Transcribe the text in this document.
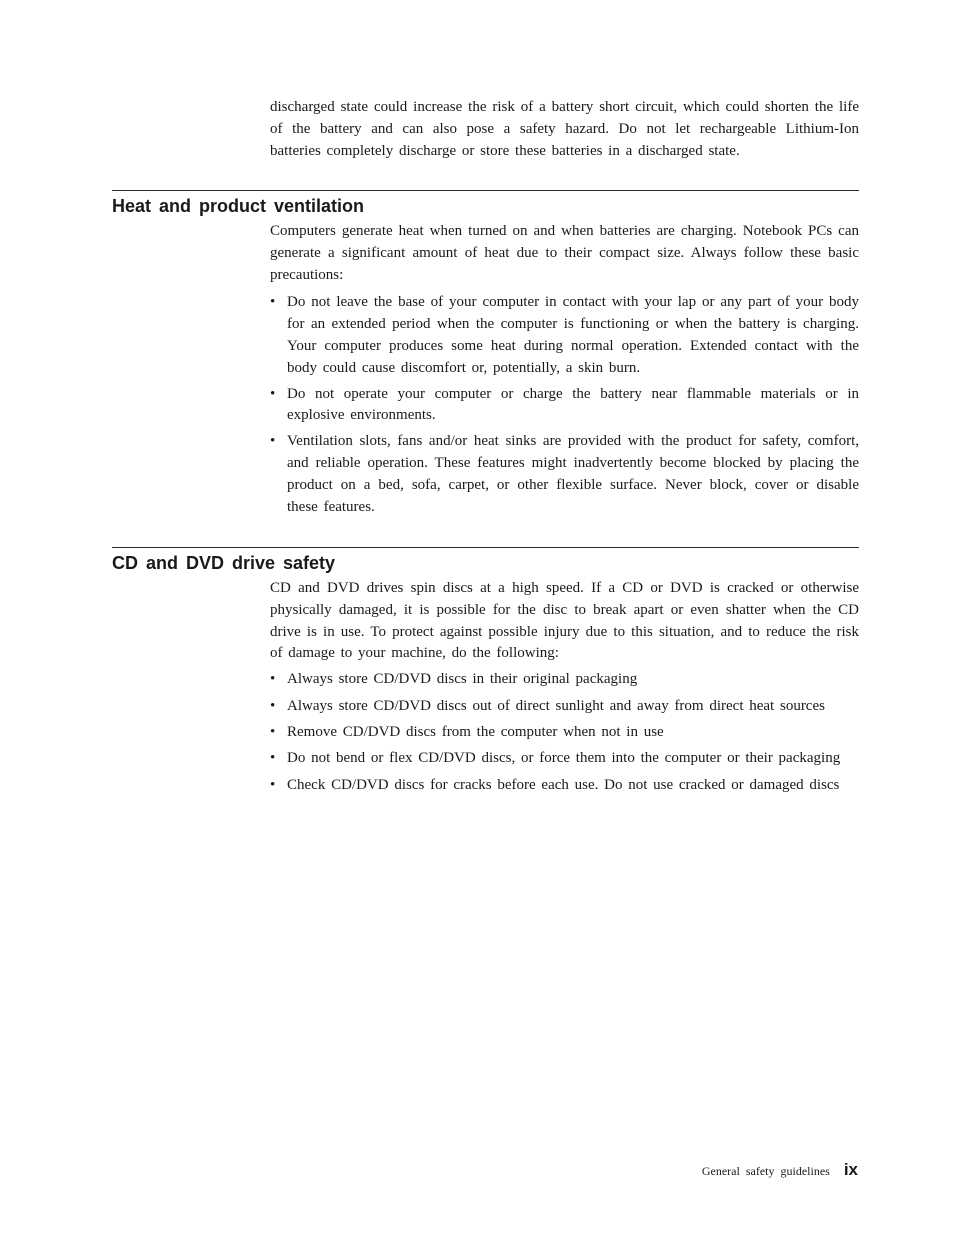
discharged state could increase the risk of a battery short circuit, which could shorten the life of the battery and can also pose a safety hazard. Do not let rechargeable Lithium-Ion batteries completely discharge or store these batteries in a discharged state.

Heat and product ventilation

Computers generate heat when turned on and when batteries are charging. Notebook PCs can generate a significant amount of heat due to their compact size. Always follow these basic precautions:

• Do not leave the base of your computer in contact with your lap or any part of your body for an extended period when the computer is functioning or when the battery is charging. Your computer produces some heat during normal operation. Extended contact with the body could cause discomfort or, potentially, a skin burn.
• Do not operate your computer or charge the battery near flammable materials or in explosive environments.
• Ventilation slots, fans and/or heat sinks are provided with the product for safety, comfort, and reliable operation. These features might inadvertently become blocked by placing the product on a bed, sofa, carpet, or other flexible surface. Never block, cover or disable these features.
CD and DVD drive safety

CD and DVD drives spin discs at a high speed. If a CD or DVD is cracked or otherwise physically damaged, it is possible for the disc to break apart or even shatter when the CD drive is in use. To protect against possible injury due to this situation, and to reduce the risk of damage to your machine, do the following:

• Always store CD/DVD discs in their original packaging
• Always store CD/DVD discs out of direct sunlight and away from direct heat sources
• Remove CD/DVD discs from the computer when not in use
• Do not bend or flex CD/DVD discs, or force them into the computer or their packaging
• Check CD/DVD discs for cracks before each use. Do not use cracked or damaged discs
General safety guidelines ix
